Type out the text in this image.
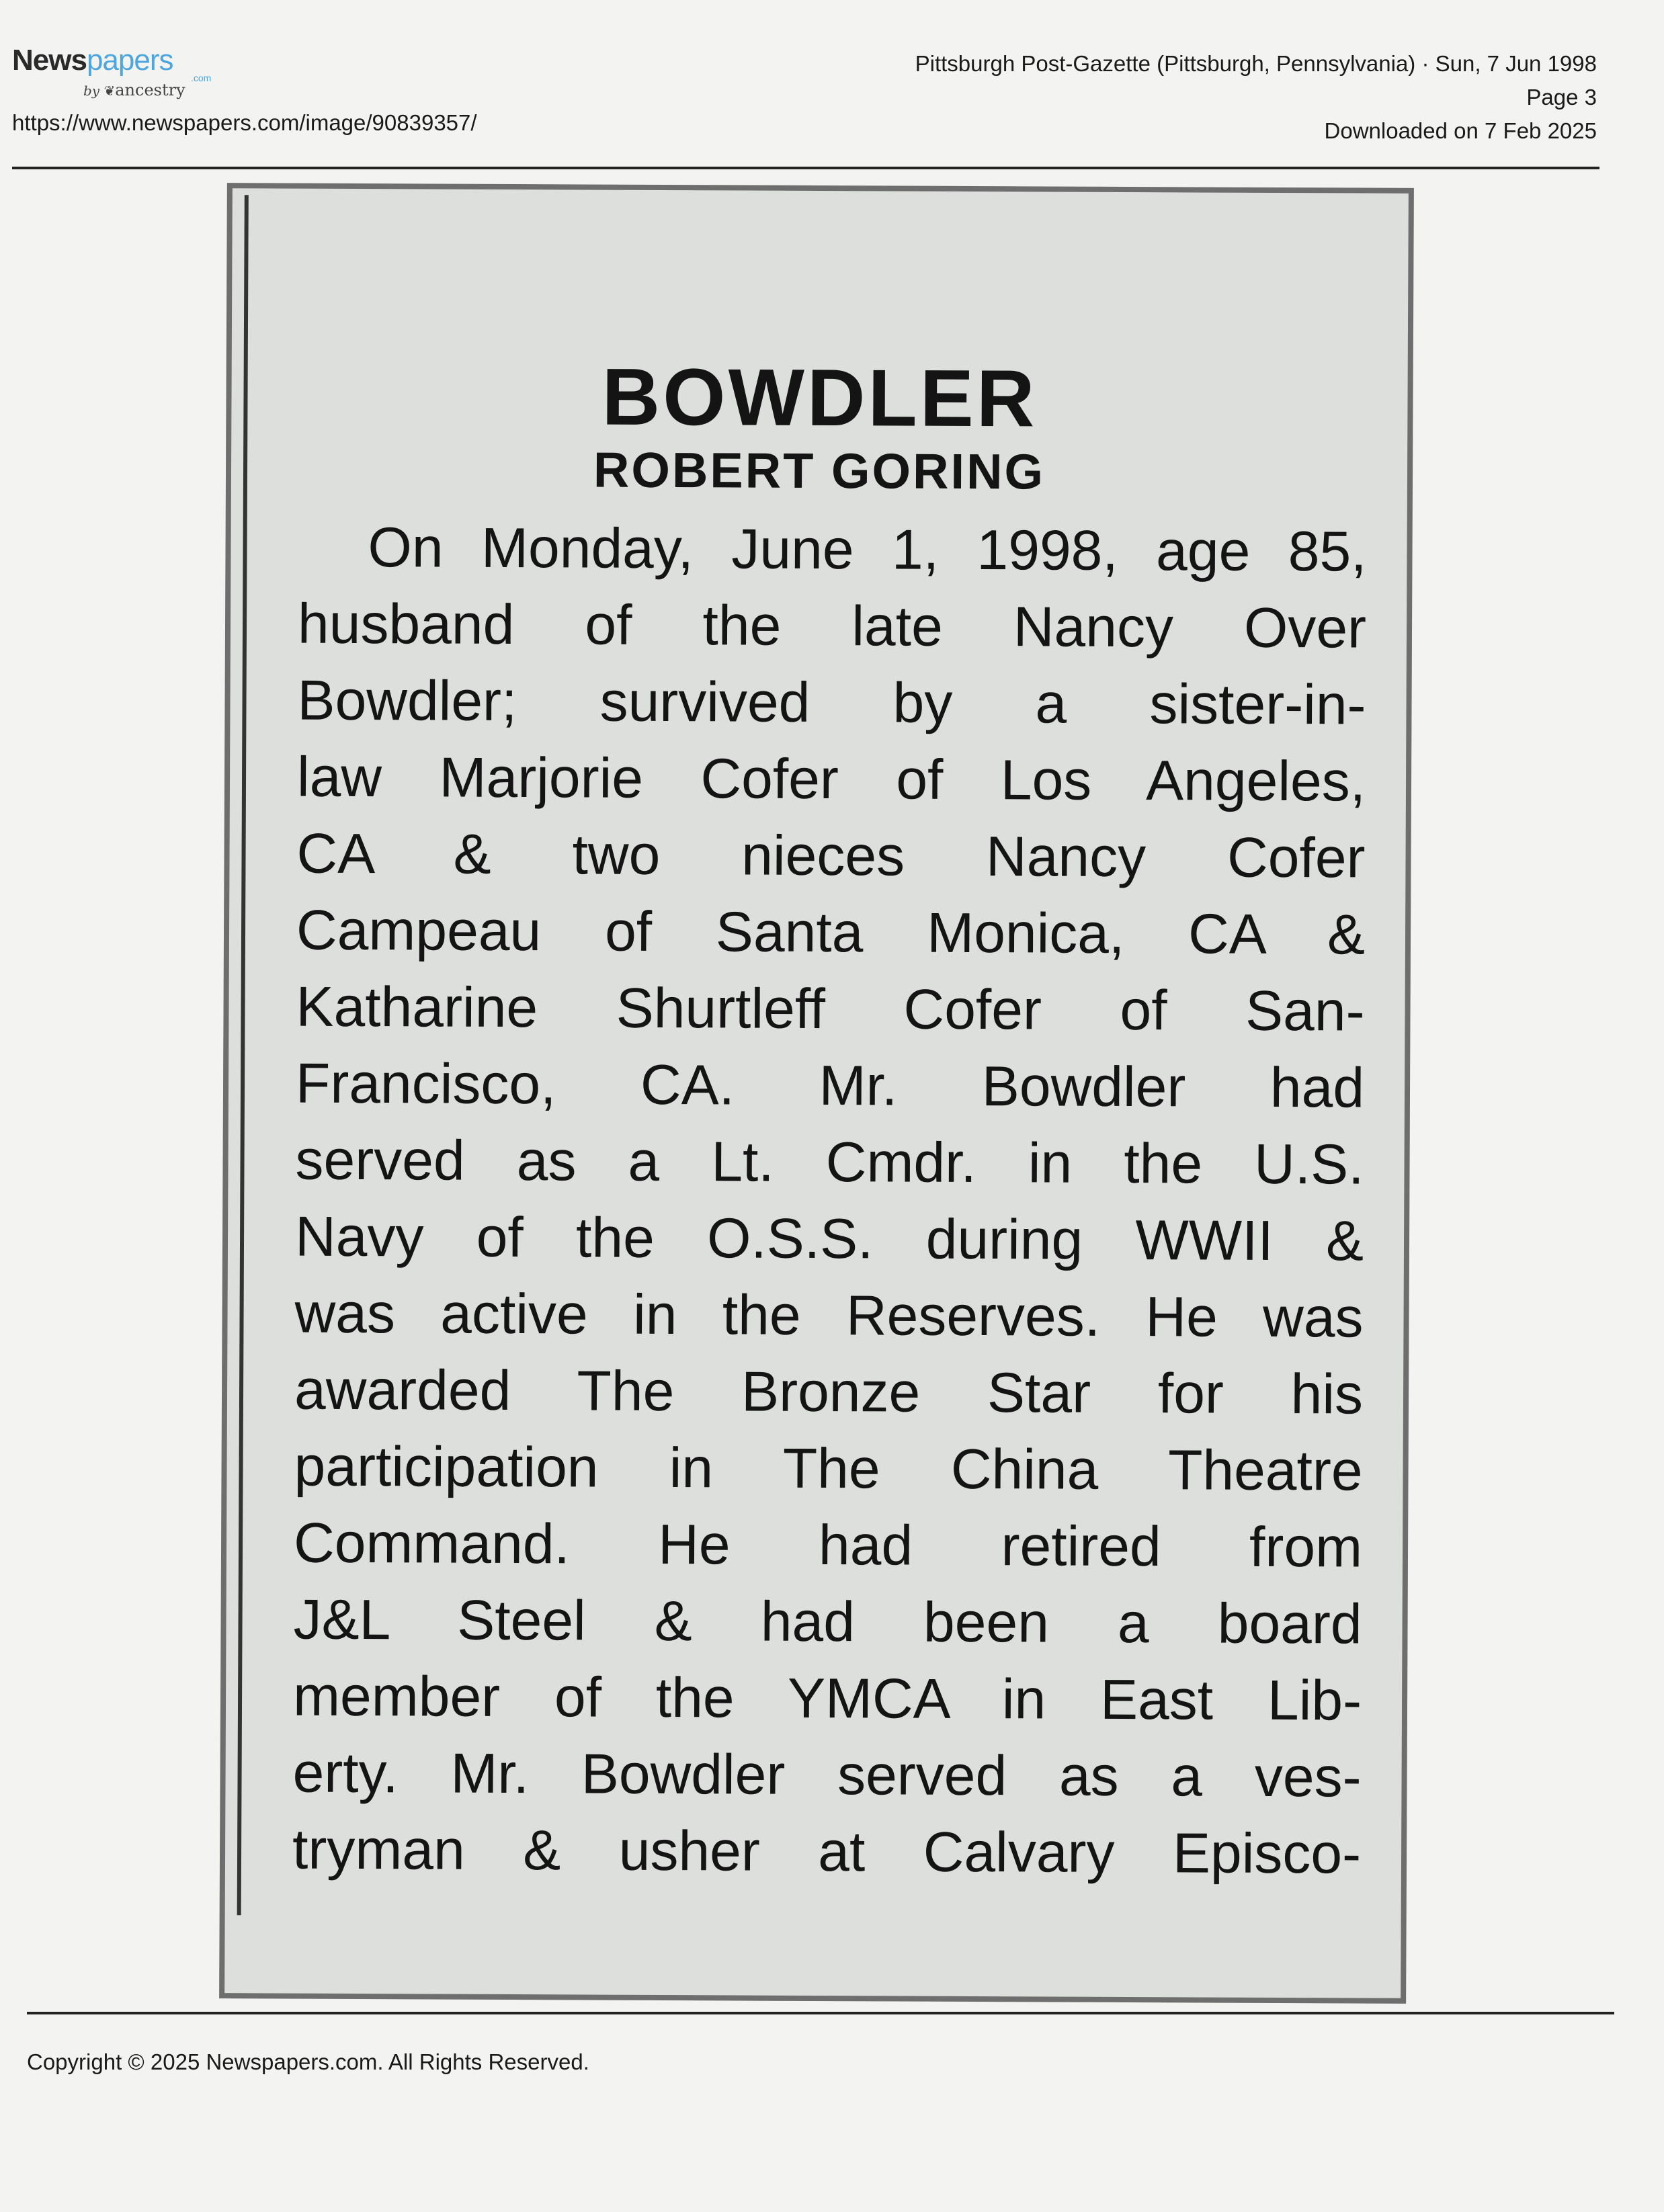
Newspapers
.com
by ❦ancestry
https://www.newspapers.com/image/90839357/
Pittsburgh Post-Gazette (Pittsburgh, Pennsylvania) · Sun, 7 Jun 1998
Page 3
Downloaded on 7 Feb 2025
BOWDLER
ROBERT GORING
On Monday, June 1, 1998, age 85,
husband of the late Nancy Over
Bowdler; survived by a sister-in-
law Marjorie Cofer of Los Angeles,
CA & two nieces Nancy Cofer
Campeau of Santa Monica, CA &
Katharine Shurtleff Cofer of San-
Francisco, CA. Mr. Bowdler had
served as a Lt. Cmdr. in the U.S.
Navy of the O.S.S. during WWII &
was active in the Reserves. He was
awarded The Bronze Star for his
participation in The China Theatre
Command. He had retired from
J&L Steel & had been a board
member of the YMCA in East Lib-
erty. Mr. Bowdler served as a ves-
tryman & usher at Calvary Episco-
Copyright © 2025 Newspapers.com. All Rights Reserved.
